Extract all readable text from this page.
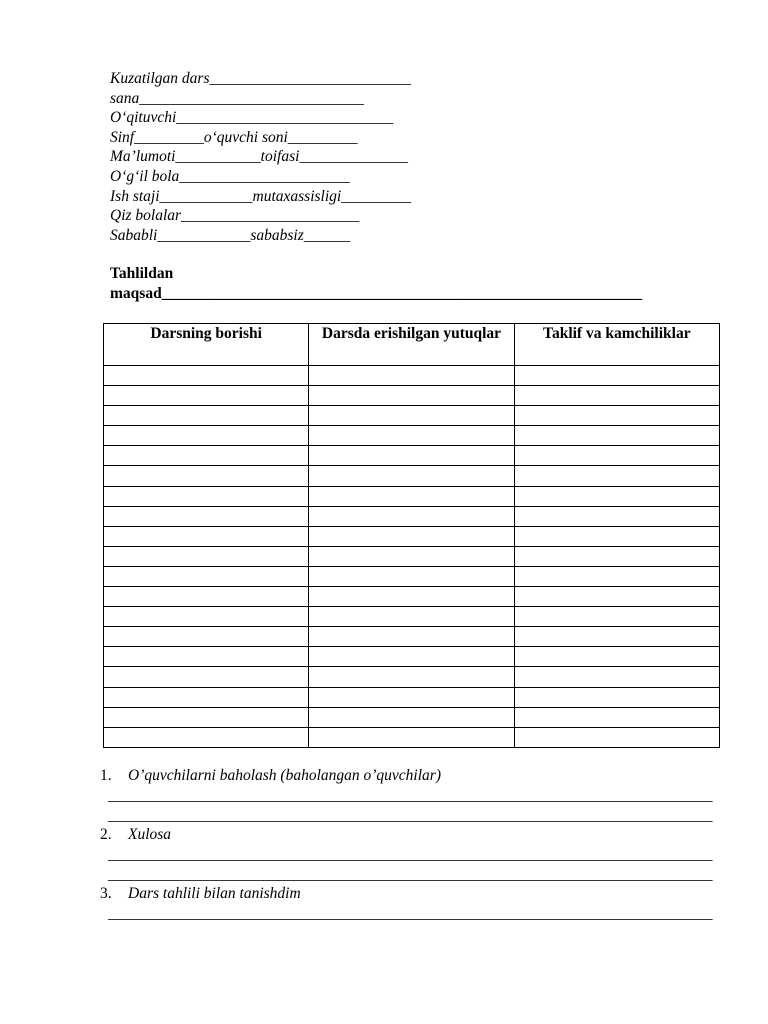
Kuzatilgan dars__________________________
sana_____________________________
O‘qituvchi____________________________
Sinf_________o‘quvchi soni_________
Ma’lumoti___________toifasi______________
O‘g‘il bola______________________
Ish staji____________mutaxassisligi_________
Qiz bolalar_______________________
Sababli____________sababsiz______
Tahlildan
maqsad______________________________________________________________
Darsning borishi	Darsda erishilgan yutuqlar	Taklif va kamchiliklar

1. O’quvchilarni baholash (baholangan o’quvchilar)
______________________________________________________________________________
______________________________________________________________________________
2. Xulosa
______________________________________________________________________________
______________________________________________________________________________
3. Dars tahlili bilan tanishdim
______________________________________________________________________________
